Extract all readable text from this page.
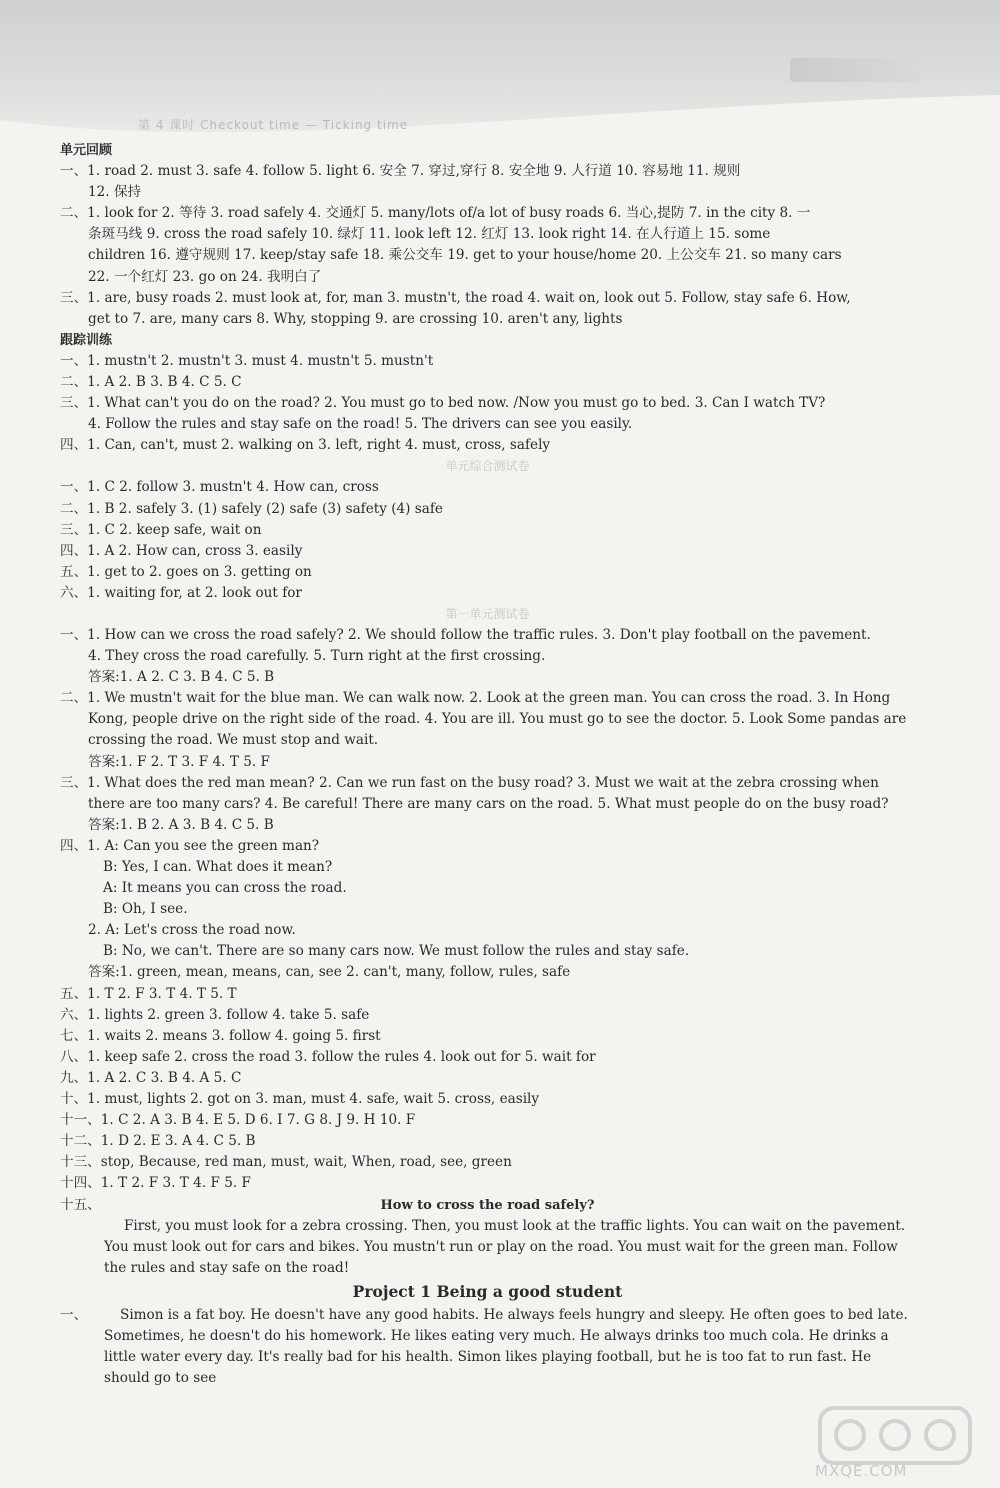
第 4 课时 Checkout time — Ticking time
单元回顾
一、1. road 2. must 3. safe 4. follow 5. light 6. 安全 7. 穿过,穿行 8. 安全地 9. 人行道 10. 容易地 11. 规则
12. 保持
二、1. look for 2. 等待 3. road safely 4. 交通灯 5. many/lots of/a lot of busy roads 6. 当心,提防 7. in the city 8. 一
条斑马线 9. cross the road safely 10. 绿灯 11. look left 12. 红灯 13. look right 14. 在人行道上 15. some
children 16. 遵守规则 17. keep/stay safe 18. 乘公交车 19. get to your house/home 20. 上公交车 21. so many cars
22. 一个红灯 23. go on 24. 我明白了
三、1. are, busy roads 2. must look at, for, man 3. mustn't, the road 4. wait on, look out 5. Follow, stay safe 6. How,
get to 7. are, many cars 8. Why, stopping 9. are crossing 10. aren't any, lights
跟踪训练
一、1. mustn't 2. mustn't 3. must 4. mustn't 5. mustn't
二、1. A 2. B 3. B 4. C 5. C
三、1. What can't you do on the road? 2. You must go to bed now. /Now you must go to bed. 3. Can I watch TV?
4. Follow the rules and stay safe on the road! 5. The drivers can see you easily.
四、1. Can, can't, must 2. walking on 3. left, right 4. must, cross, safely
单元综合测试卷
一、1. C 2. follow 3. mustn't 4. How can, cross
二、1. B 2. safely 3. (1) safely (2) safe (3) safety (4) safe
三、1. C 2. keep safe, wait on
四、1. A 2. How can, cross 3. easily
五、1. get to 2. goes on 3. getting on
六、1. waiting for, at 2. look out for
第一单元测试卷
一、1. How can we cross the road safely? 2. We should follow the traffic rules. 3. Don't play football on the pavement.
4. They cross the road carefully. 5. Turn right at the first crossing.
答案:1. A 2. C 3. B 4. C 5. B
二、1. We mustn't wait for the blue man. We can walk now. 2. Look at the green man. You can cross the road. 3. In Hong
Kong, people drive on the right side of the road. 4. You are ill. You must go to see the doctor. 5. Look Some pandas are
crossing the road. We must stop and wait.
答案:1. F 2. T 3. F 4. T 5. F
三、1. What does the red man mean? 2. Can we run fast on the busy road? 3. Must we wait at the zebra crossing when
there are too many cars? 4. Be careful! There are many cars on the road. 5. What must people do on the busy road?
答案:1. B 2. A 3. B 4. C 5. B
四、1. A: Can you see the green man?
B: Yes, I can. What does it mean?
A: It means you can cross the road.
B: Oh, I see.
2. A: Let's cross the road now.
B: No, we can't. There are so many cars now. We must follow the rules and stay safe.
答案:1. green, mean, means, can, see 2. can't, many, follow, rules, safe
五、1. T 2. F 3. T 4. T 5. T
六、1. lights 2. green 3. follow 4. take 5. safe
七、1. waits 2. means 3. follow 4. going 5. first
八、1. keep safe 2. cross the road 3. follow the rules 4. look out for 5. wait for
九、1. A 2. C 3. B 4. A 5. C
十、1. must, lights 2. got on 3. man, must 4. safe, wait 5. cross, easily
十一、1. C 2. A 3. B 4. E 5. D 6. I 7. G 8. J 9. H 10. F
十二、1. D 2. E 3. A 4. C 5. B
十三、stop, Because, red man, must, wait, When, road, see, green
十四、1. T 2. F 3. T 4. F 5. F
十五、	How to cross the road safely?
First, you must look for a zebra crossing. Then, you must look at the traffic lights. You can wait on the pavement. You must look out for cars and bikes. You mustn't run or play on the road. You must wait for the green man. Follow the rules and stay safe on the road!
Project 1 Being a good student
一、	Simon is a fat boy. He doesn't have any good habits. He always feels hungry and sleepy. He often goes to bed late. Sometimes, he doesn't do his homework. He likes eating very much. He always drinks too much cola. He drinks a little water every day. It's really bad for his health. Simon likes playing football, but he is too fat to run fast. He should go to see
MXQE.COM
